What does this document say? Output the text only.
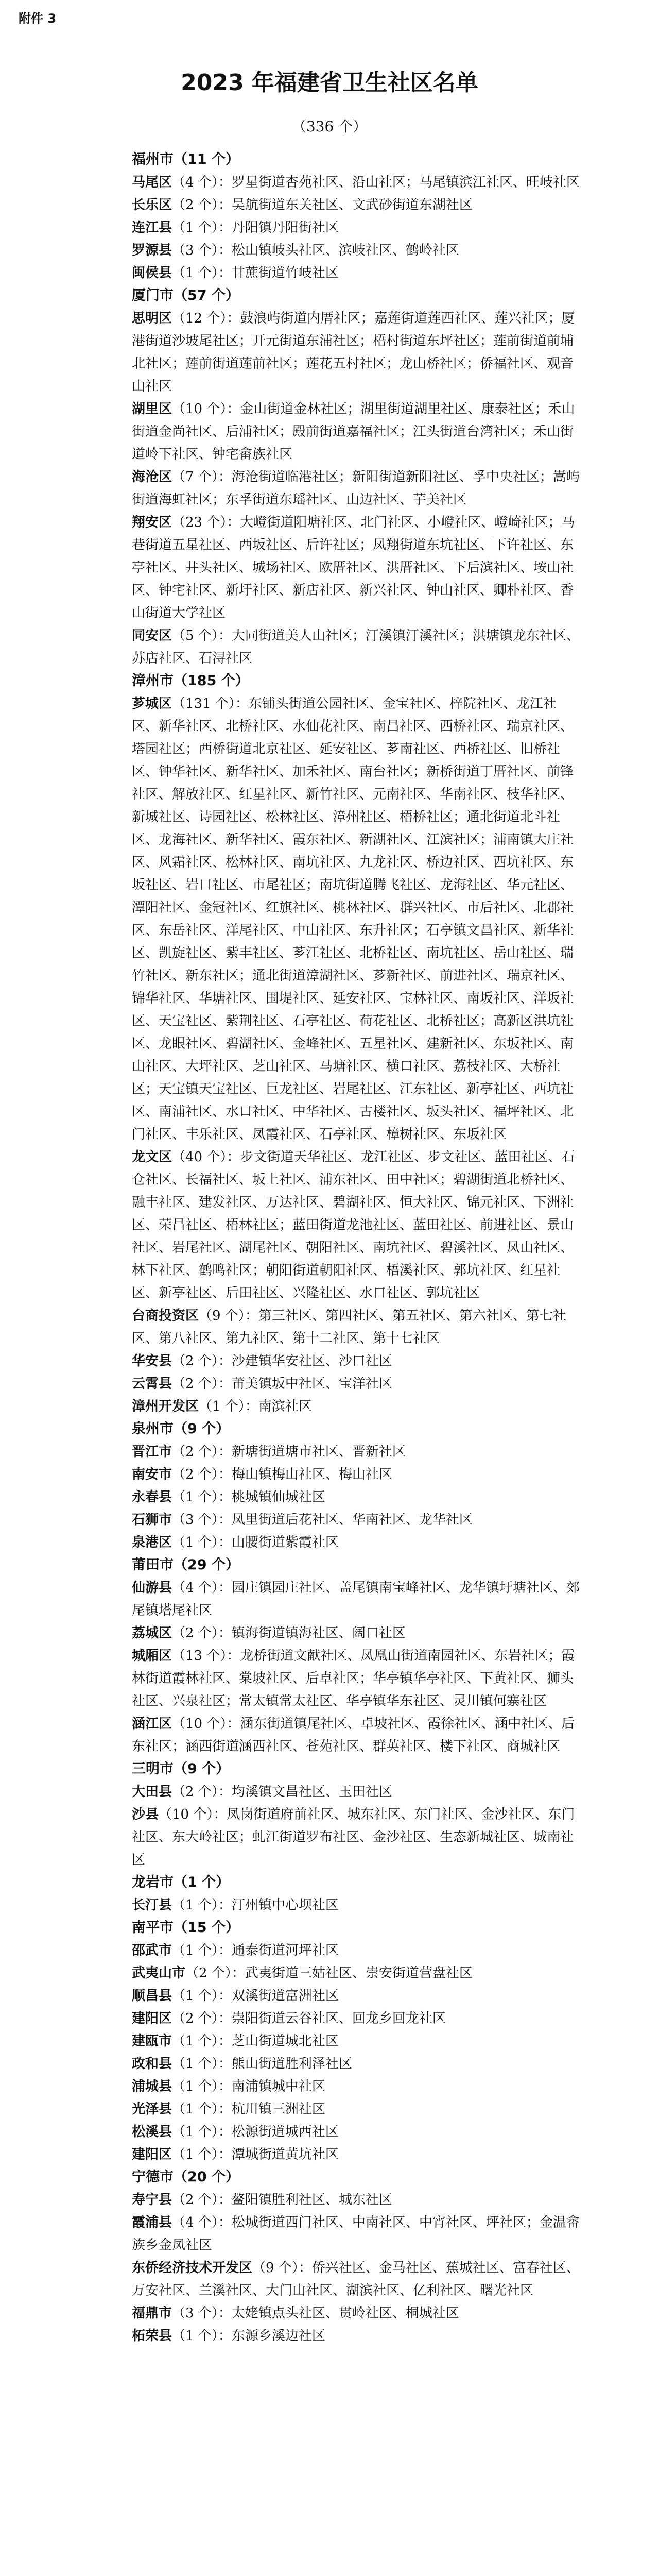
附件 3
2023 年福建省卫生社区名单
（336 个）

福州市（11 个）

马尾区（4 个）：罗星街道杏苑社区、沿山社区；马尾镇滨江社区、旺岐社区

长乐区（2 个）：吴航街道东关社区、文武砂街道东湖社区

连江县（1 个）：丹阳镇丹阳街社区

罗源县（3 个）：松山镇岐头社区、滨岐社区、鹤岭社区

闽侯县（1 个）：甘蔗街道竹岐社区

厦门市（57 个）

思明区（12 个）：鼓浪屿街道内厝社区；嘉莲街道莲西社区、莲兴社区；厦港街道沙坡尾社区；开元街道东浦社区；梧村街道东坪社区；莲前街道前埔北社区；莲前街道莲前社区；莲花五村社区；龙山桥社区；侨福社区、观音山社区

湖里区（10 个）：金山街道金林社区；湖里街道湖里社区、康泰社区；禾山街道金尚社区、后浦社区；殿前街道嘉福社区；江头街道台湾社区；禾山街道岭下社区、钟宅畲族社区

海沧区（7 个）：海沧街道临港社区；新阳街道新阳社区、孚中央社区；嵩屿街道海虹社区；东孚街道东瑶社区、山边社区、芋美社区

翔安区（23 个）：大嶝街道阳塘社区、北门社区、小嶝社区、嶝崎社区；马巷街道五星社区、西坂社区、后许社区；凤翔街道东坑社区、下许社区、东亭社区、井头社区、城场社区、欧厝社区、洪厝社区、下后滨社区、垵山社区、钟宅社区、新圩社区、新店社区、新兴社区、钟山社区、卿朴社区、香山街道大学社区

同安区（5 个）：大同街道美人山社区；汀溪镇汀溪社区；洪塘镇龙东社区、苏店社区、石浔社区

漳州市（185 个）

芗城区（131 个）：东铺头街道公园社区、金宝社区、梓院社区、龙江社区、新华社区、北桥社区、水仙花社区、南昌社区、西桥社区、瑞京社区、塔园社区；西桥街道北京社区、延安社区、芗南社区、西桥社区、旧桥社区、钟华社区、新华社区、加禾社区、南台社区；新桥街道丁厝社区、前锋社区、解放社区、红星社区、新竹社区、元南社区、华南社区、枝华社区、新城社区、诗园社区、松林社区、漳州社区、梧桥社区；通北街道北斗社区、龙海社区、新华社区、霞东社区、新湖社区、江滨社区；浦南镇大庄社区、风霜社区、松林社区、南坑社区、九龙社区、桥边社区、西坑社区、东坂社区、岩口社区、市尾社区；南坑街道腾飞社区、龙海社区、华元社区、潭阳社区、金冠社区、红旗社区、桃林社区、群兴社区、市后社区、北郡社区、东岳社区、洋尾社区、中山社区、东升社区；石亭镇文昌社区、新华社区、凯旋社区、紫丰社区、芗江社区、北桥社区、南坑社区、岳山社区、瑞竹社区、新东社区；通北街道漳湖社区、芗新社区、前进社区、瑞京社区、锦华社区、华塘社区、围堤社区、延安社区、宝林社区、南坂社区、洋坂社区、天宝社区、紫荆社区、石亭社区、荷花社区、北桥社区；高新区洪坑社区、龙眼社区、碧湖社区、金峰社区、五星社区、建新社区、东坂社区、南山社区、大坪社区、芝山社区、马塘社区、横口社区、荔枝社区、大桥社区；天宝镇天宝社区、巨龙社区、岩尾社区、江东社区、新亭社区、西坑社区、南浦社区、水口社区、中华社区、古楼社区、坂头社区、福坪社区、北门社区、丰乐社区、凤霞社区、石亭社区、樟树社区、东坂社区

龙文区（40 个）：步文街道天华社区、龙江社区、步文社区、蓝田社区、石仓社区、长福社区、坂上社区、浦东社区、田中社区；碧湖街道北桥社区、融丰社区、建发社区、万达社区、碧湖社区、恒大社区、锦元社区、下洲社区、荣昌社区、梧林社区；蓝田街道龙池社区、蓝田社区、前进社区、景山社区、岩尾社区、湖尾社区、朝阳社区、南坑社区、碧溪社区、凤山社区、林下社区、鹤鸣社区；朝阳街道朝阳社区、梧溪社区、郭坑社区、红星社区、新亭社区、后田社区、兴隆社区、水口社区、郭坑社区

台商投资区（9 个）：第三社区、第四社区、第五社区、第六社区、第七社区、第八社区、第九社区、第十二社区、第十七社区

华安县（2 个）：沙建镇华安社区、沙口社区

云霄县（2 个）：莆美镇坂中社区、宝洋社区

漳州开发区（1 个）：南滨社区

泉州市（9 个）

晋江市（2 个）：新塘街道塘市社区、晋新社区

南安市（2 个）：梅山镇梅山社区、梅山社区

永春县（1 个）：桃城镇仙城社区

石狮市（3 个）：凤里街道后花社区、华南社区、龙华社区

泉港区（1 个）：山腰街道紫霞社区

莆田市（29 个）

仙游县（4 个）：园庄镇园庄社区、盖尾镇南宝峰社区、龙华镇圩塘社区、郊尾镇塔尾社区

荔城区（2 个）：镇海街道镇海社区、阔口社区

城厢区（13 个）：龙桥街道文献社区、凤凰山街道南园社区、东岩社区；霞林街道霞林社区、棠坡社区、后卓社区；华亭镇华亭社区、下黄社区、狮头社区、兴泉社区；常太镇常太社区、华亭镇华东社区、灵川镇何寨社区

涵江区（10 个）：涵东街道镇尾社区、卓坡社区、霞徐社区、涵中社区、后东社区；涵西街道涵西社区、苍苑社区、群英社区、楼下社区、商城社区

三明市（9 个）

大田县（2 个）：均溪镇文昌社区、玉田社区

沙县（10 个）：凤岗街道府前社区、城东社区、东门社区、金沙社区、东门社区、东大岭社区；虬江街道罗布社区、金沙社区、生态新城社区、城南社区

龙岩市（1 个）

长汀县（1 个）：汀州镇中心坝社区

南平市（15 个）

邵武市（1 个）：通泰街道河坪社区

武夷山市（2 个）：武夷街道三姑社区、崇安街道营盘社区

顺昌县（1 个）：双溪街道富洲社区

建阳区（2 个）：崇阳街道云谷社区、回龙乡回龙社区

建瓯市（1 个）：芝山街道城北社区

政和县（1 个）：熊山街道胜利泽社区

浦城县（1 个）：南浦镇城中社区

光泽县（1 个）：杭川镇三洲社区

松溪县（1 个）：松源街道城西社区

建阳区（1 个）：潭城街道黄坑社区

宁德市（20 个）

寿宁县（2 个）：鳌阳镇胜利社区、城东社区

霞浦县（4 个）：松城街道西门社区、中南社区、中宵社区、坪社区；金温畲族乡金凤社区

东侨经济技术开发区（9 个）：侨兴社区、金马社区、蕉城社区、富春社区、万安社区、兰溪社区、大门山社区、湖滨社区、亿利社区、曙光社区

福鼎市（3 个）：太姥镇点头社区、贯岭社区、桐城社区

柘荣县（1 个）：东源乡溪边社区
